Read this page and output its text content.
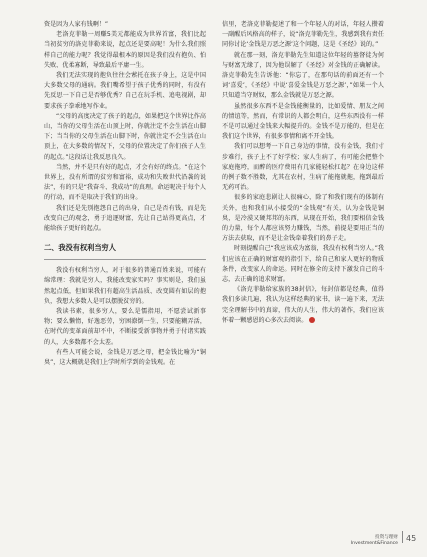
资是因为人家有钱啊！”

老洛克菲勒一周赚5美元都能成为世界首富，我们比起当初贫穷的洛克菲勒来说，起点还是要高呢！为什么我们照样自己的能力呢？我觉得最根本的原因是我们没有抱负、怕失败、优柔寡断，导致最后平庸一生。

我们无法实现的抱负往往会萦托在孩子身上，这是中国大多数父母的通病。我们嘴希望于孩子优秀的同时，有没有先反思一下自己是否够优秀？自己在玩手机、追电视剧，却要求孩子拳乖地写作业。

“父母的高度决定了孩子的起点，如果把这个世界比作高山，当你的父母生活在山顶上时，你就注定不会生活在山脚下；当当你的父母生活在山脚下时，你就注定不会生活在山顶上，在大多数的情况下，父母的位置决定了你们孩子人生的起点。”这段话让我反思良久。

当然，并不是只有好的起点，才会有好的终点。“在这个世界上，没有所谓的贫穷和富裕，成功和失败世代沿袭的说法”，有的只是“我奋斗、我成功”的真理。命运呢决于每个人的行动，而不是取决于我们的出身。

我们还是先别抱怨自己的出身，自己是否有钱，而是先改变自己的观念，勇于追逐财富，先让自己站得更高点，才能给孩子更好的起点。

二、我没有权利当穷人

我没有权利当穷人，对于很多的普通百姓来说，可能有绵常理：我就是穷人，我能改变家实吗？事实则是，我们虽然起点低，但如果我们有超高生活品质、改变圆有如层的抱负，我想大多数人是可以摆脱贫穷的。

我读书素，很多穷人，要么是懦指用，不愿尝试新事物；要么懒惰，好逸恶劳，穷困潦倒一生，只要能糊弄活，在时代的变革面前却不中，不断接受新事物并勇于付诸实践的人，大多数都不会太差。

有些人可能会说，金钱是万恶之母，把金钱比喻为“铜臭”，这大概就是我们上学时所学到的金钱观。在

信里，老洛克菲勒提述了和一个年轻人的对话，年轻人攒着一副醒后风格高的样子，说“洛克菲勒先生，我感到我有责任同你讨论‘金钱是万恶之源’这个问题，这是《圣经》说的。”

就在那一刻，洛克菲勒先生知道这位年轻的墓督徒为何与财富无缘了，因为他误解了《圣经》对金钱的正确解读。洛克菲勒先生告诉他：“你忘了，在那句话的前面还有一个词‘喜爱’，《圣经》中说‘喜爱金钱是万恶之源’，”如果一个人只知道当守财奴，那么金钱就是万恶之源。

虽然很多东西不是金钱能衡量的，比如爱情、朋友之间的情谊等，然而，有常识的人都会明白，这些东西没有一样不是可以通过金钱来大幅提升的。金钱不是万能的，但是在我们这个世界，有很多事情和离不开金钱。

我们可以想考一下自己身边的事情，没有金钱，我们寸步难行，孩子上不了好学校；家人生病了，有可能会把整个家庭拖垮，而醉的医疗费用有几家能轻松扛起？在身边这样的例子数不胜数，尤其在农村，生病了能拖就拖，拖到最后无药可治。

很多的家庭悲剧让人很痛心，除了和我们现有的体制有关外，也和我们从小接受的“金钱观”有关，认为金钱是铜臭，是冷漠又硬邦邦的东西，从现在开始，我们要相信金钱的力量，每个人都应该努力赚钱，当然，前提是要用正当的方法去获取，而不是让金钱牵着我们的鼻子走。

时刻提醒自己“我应该成为富翁，我没有权利当穷人。”我们应该在正确的财富观的指引下，给自己和家人更好的物质条件，改变家人的命运。同时在修全的支持下激发自己的斗志，去正确的追求财富。

《洛克菲勒给家族的38封信》，每封信都是经典，值得我们多读几遍，我认为这样经典的家书，读一遍下来，无法完全理解书中的真谛，伟大的人生，伟大的著作，我们应该怀着一颗感恩的心多次去阅读。

投资与理财
Investment&Finance
45
